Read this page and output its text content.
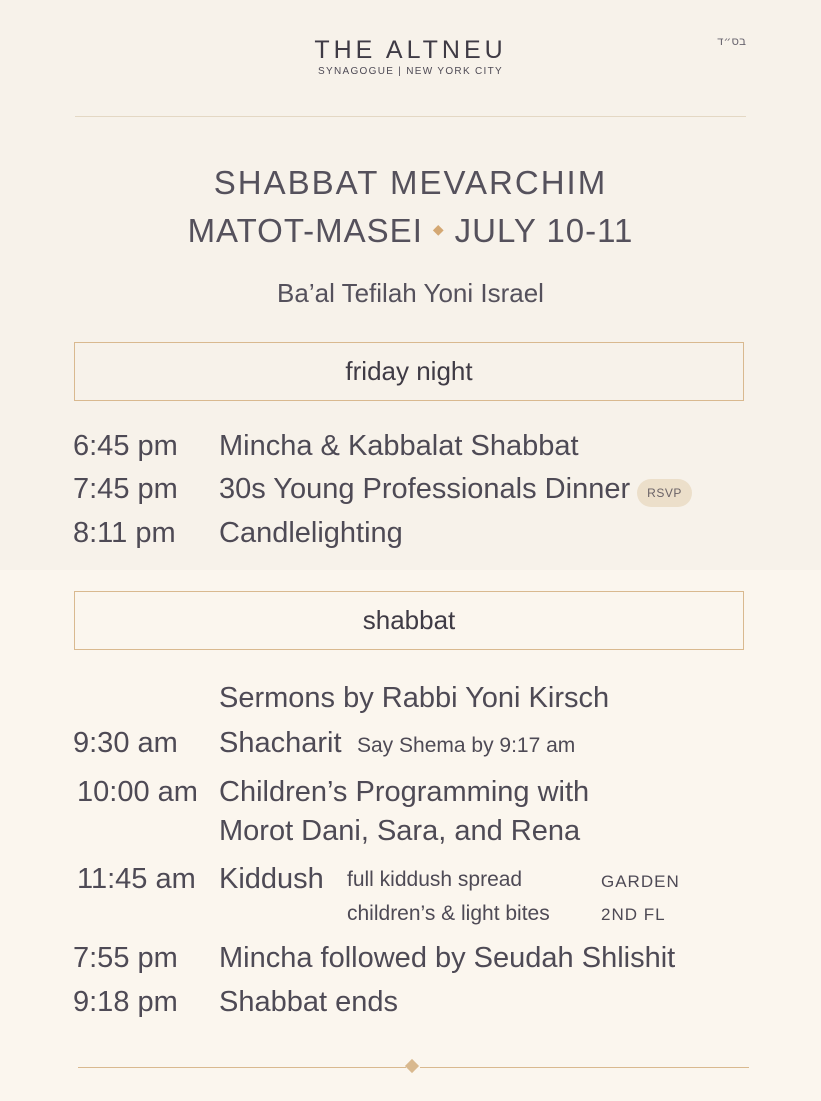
THE ALTNEU
SYNAGOGUE | NEW YORK CITY
בס״ד
SHABBAT MEVARCHIM
MATOT-MASEI ◆ JULY 10-11
Ba’al Tefilah Yoni Israel
friday night
6:45 pm Mincha & Kabbalat Shabbat
7:45 pm 30s Young Professionals Dinner	RSVP
8:11 pm Candlelighting
shabbat
Sermons by Rabbi Yoni Kirsch
9:30 am Shacharit Say Shema by 9:17 am
10:00 am Children’s Programming with
Morot Dani, Sara, and Rena
11:45 am Kiddush full kiddush spread	GARDEN
children’s & light bites	2ND FL
7:55 pm Mincha followed by Seudah Shlishit
9:18 pm Shabbat ends
